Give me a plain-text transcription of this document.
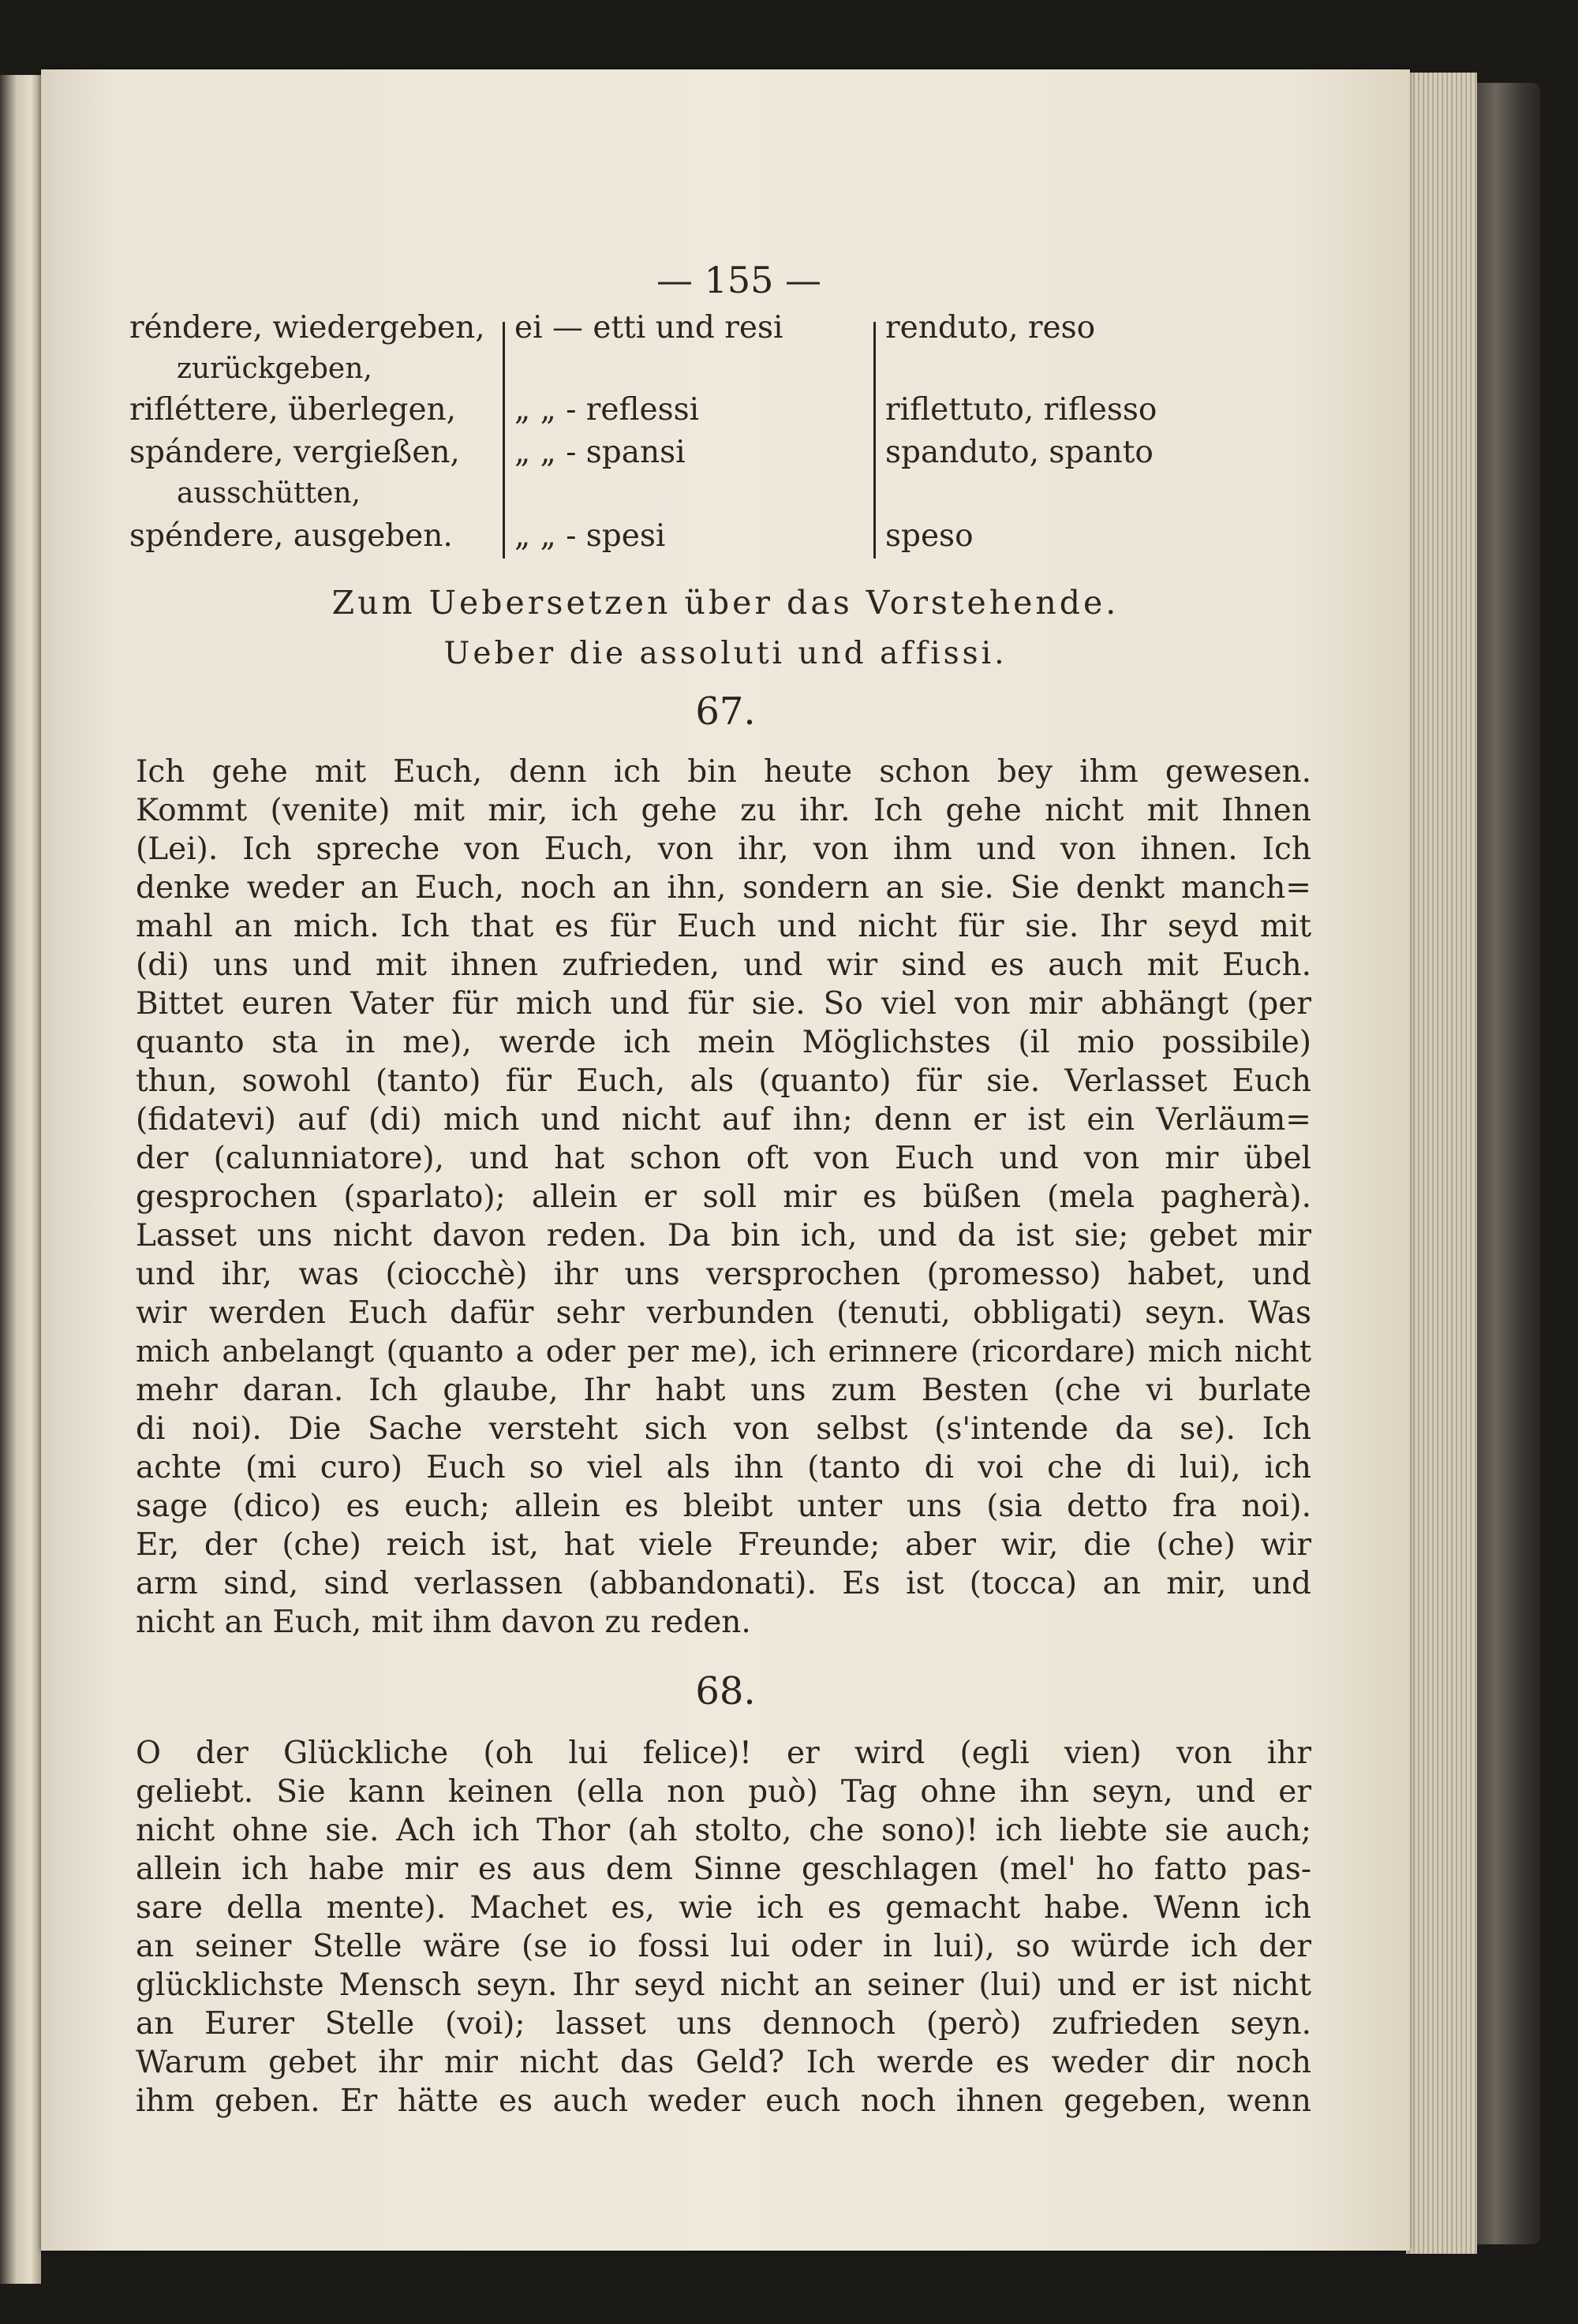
— 155 —
réndere, wiedergeben,
zurückgeben,
rifléttere, überlegen,
spándere, vergießen,
ausschütten,
spéndere, ausgeben.
ei — etti und resi
„ „ - reflessi
„ „ - spansi
„ „ - spesi
renduto, reso
riflettuto, riflesso
spanduto, spanto
speso
Zum Uebersetzen über das Vorstehende.
Ueber die assoluti und affissi.
67.
Ich gehe mit Euch, denn ich bin heute schon bey ihm gewesen.
Kommt (venite) mit mir, ich gehe zu ihr. Ich gehe nicht mit Ihnen
(Lei). Ich spreche von Euch, von ihr, von ihm und von ihnen. Ich
denke weder an Euch, noch an ihn, sondern an sie. Sie denkt manch=
mahl an mich. Ich that es für Euch und nicht für sie. Ihr seyd mit
(di) uns und mit ihnen zufrieden, und wir sind es auch mit Euch.
Bittet euren Vater für mich und für sie. So viel von mir abhängt (per
quanto sta in me), werde ich mein Möglichstes (il mio possibile)
thun, sowohl (tanto) für Euch, als (quanto) für sie. Verlasset Euch
(fidatevi) auf (di) mich und nicht auf ihn; denn er ist ein Verläum=
der (calunniatore), und hat schon oft von Euch und von mir übel
gesprochen (sparlato); allein er soll mir es büßen (mela pagherà).
Lasset uns nicht davon reden. Da bin ich, und da ist sie; gebet mir
und ihr, was (ciocchè) ihr uns versprochen (promesso) habet, und
wir werden Euch dafür sehr verbunden (tenuti, obbligati) seyn. Was
mich anbelangt (quanto a oder per me), ich erinnere (ricordare) mich nicht
mehr daran. Ich glaube, Ihr habt uns zum Besten (che vi burlate
di noi). Die Sache versteht sich von selbst (s'intende da se). Ich
achte (mi curo) Euch so viel als ihn (tanto di voi che di lui), ich
sage (dico) es euch; allein es bleibt unter uns (sia detto fra noi).
Er, der (che) reich ist, hat viele Freunde; aber wir, die (che) wir
arm sind, sind verlassen (abbandonati). Es ist (tocca) an mir, und
nicht an Euch, mit ihm davon zu reden.
68.
O der Glückliche (oh lui felice)! er wird (egli vien) von ihr
geliebt. Sie kann keinen (ella non può) Tag ohne ihn seyn, und er
nicht ohne sie. Ach ich Thor (ah stolto, che sono)! ich liebte sie auch;
allein ich habe mir es aus dem Sinne geschlagen (mel' ho fatto pas-
sare della mente). Machet es, wie ich es gemacht habe. Wenn ich
an seiner Stelle wäre (se io fossi lui oder in lui), so würde ich der
glücklichste Mensch seyn. Ihr seyd nicht an seiner (lui) und er ist nicht
an Eurer Stelle (voi); lasset uns dennoch (però) zufrieden seyn.
Warum gebet ihr mir nicht das Geld? Ich werde es weder dir noch
ihm geben. Er hätte es auch weder euch noch ihnen gegeben, wenn
